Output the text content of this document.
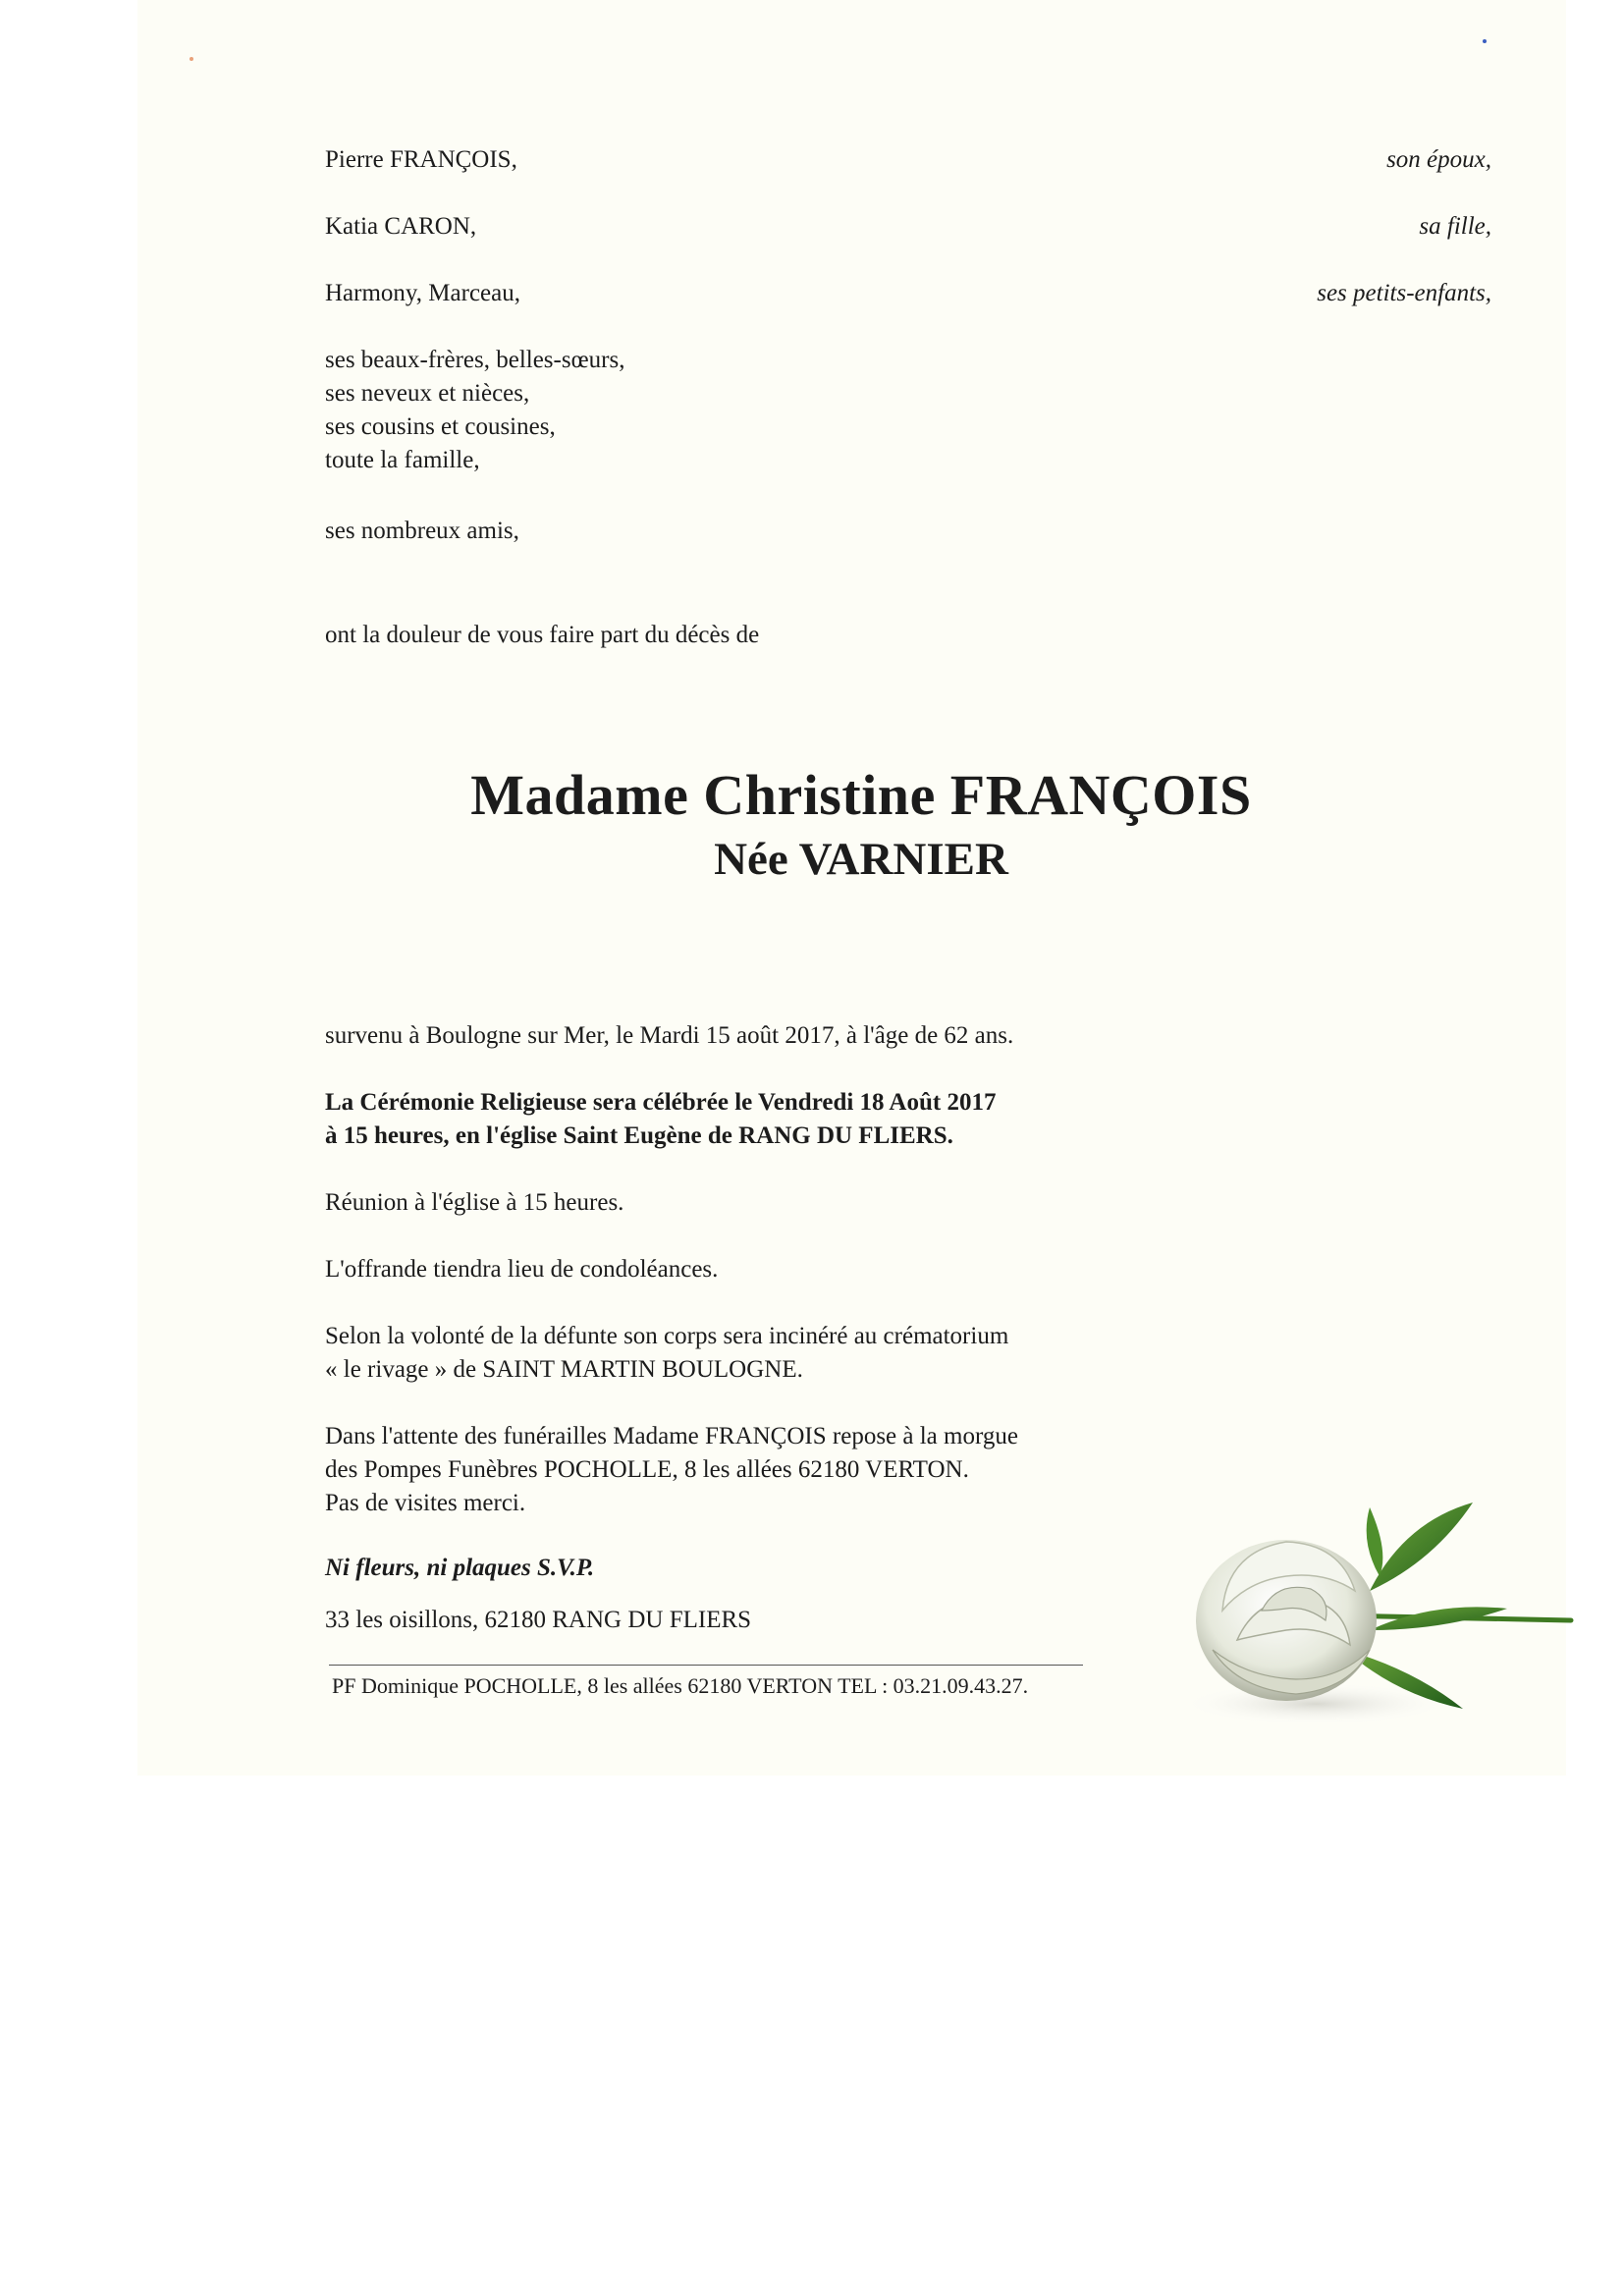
Pierre FRANÇOIS,	son époux,
Katia CARON,	sa fille,
Harmony, Marceau,	ses petits-enfants,
ses beaux-frères, belles-sœurs,
ses neveux et nièces,
ses cousins et cousines,
toute la famille,
ses nombreux amis,
ont la douleur de vous faire part du décès de
Madame Christine FRANÇOIS
Née VARNIER
survenu à Boulogne sur Mer, le Mardi 15 août 2017, à l'âge de 62 ans.
La Cérémonie Religieuse sera célébrée le Vendredi 18 Août 2017
à 15 heures, en l'église Saint Eugène de RANG DU FLIERS.
Réunion à l'église à 15 heures.
L'offrande tiendra lieu de condoléances.
Selon la volonté de la défunte son corps sera incinéré au crématorium
« le rivage » de SAINT MARTIN BOULOGNE.
Dans l'attente des funérailles Madame FRANÇOIS repose à la morgue
des Pompes Funèbres POCHOLLE, 8 les allées 62180 VERTON.
Pas de visites merci.
Ni fleurs, ni plaques S.V.P.
33 les oisillons, 62180 RANG DU FLIERS
PF Dominique POCHOLLE, 8 les allées 62180 VERTON TEL : 03.21.09.43.27.
